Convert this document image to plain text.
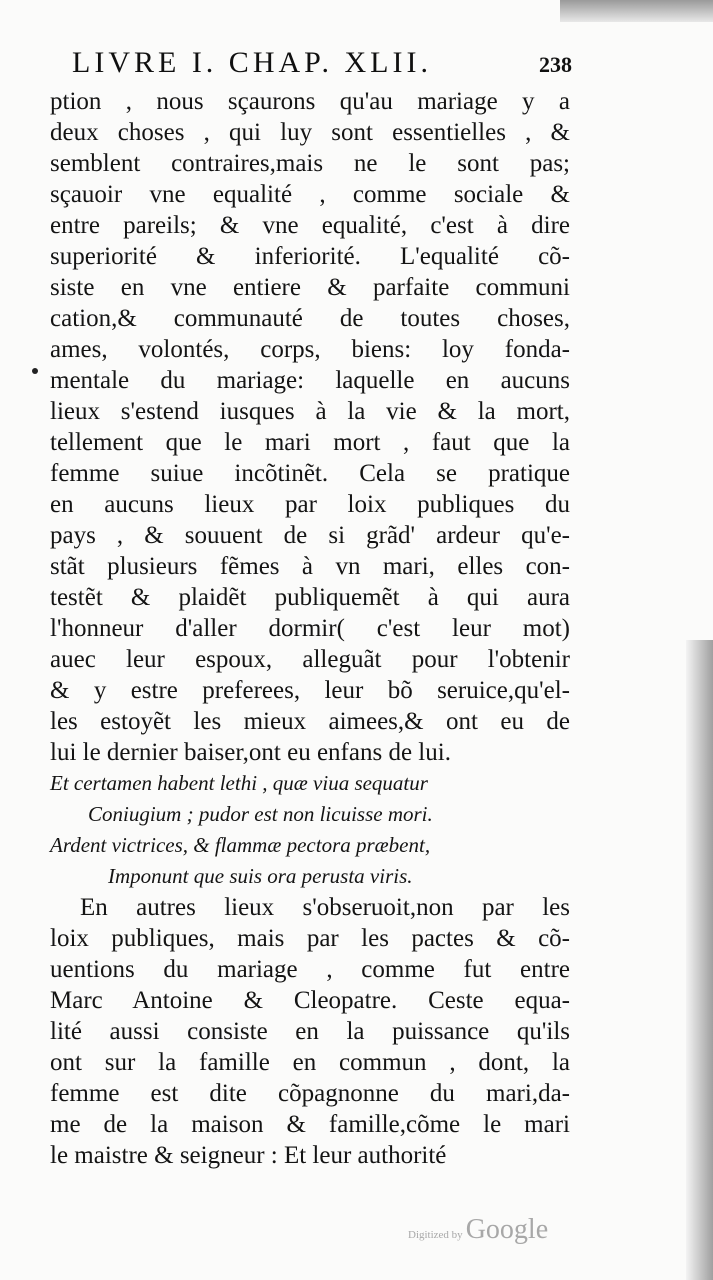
LIVRE I. CHAP. XLII.	238
ption , nous sçaurons qu'au mariage y a
deux choses , qui luy sont essentielles , &
semblent contraires,mais ne le sont pas;
sçauoir vne equalité , comme sociale &
entre pareils; & vne equalité, c'est à dire
superiorité & inferiorité. L'equalité cõ-
siste en vne entiere & parfaite communi
cation,& communauté de toutes choses,
ames, volontés, corps, biens: loy fonda-
mentale du mariage: laquelle en aucuns
lieux s'estend iusques à la vie & la mort,
tellement que le mari mort , faut que la
femme suiue incõtinẽt. Cela se pratique
en aucuns lieux par loix publiques du
pays , & souuent de si grãd' ardeur qu'e-
stãt plusieurs fẽmes à vn mari, elles con-
testẽt & plaidẽt publiquemẽt à qui aura
l'honneur d'aller dormir( c'est leur mot)
auec leur espoux, alleguãt pour l'obtenir
& y estre preferees, leur bõ seruice,qu'el-
les estoyẽt les mieux aimees,& ont eu de
lui le dernier baiser,ont eu enfans de lui.
Et certamen habent lethi , quæ viua sequatur
Coniugium ; pudor est non licuisse mori.
Ardent victrices, & flammæ pectora præbent,
Imponunt que suis ora perusta viris.
En autres lieux s'obseruoit,non par les
loix publiques, mais par les pactes & cõ-
uentions du mariage , comme fut entre
Marc Antoine & Cleopatre. Ceste equa-
lité aussi consiste en la puissance qu'ils
ont sur la famille en commun , dont, la
femme est dite cõpagnonne du mari,da-
me de la maison & famille,cõme le mari
le maistre & seigneur : Et leur authorité
Digitized by Google
